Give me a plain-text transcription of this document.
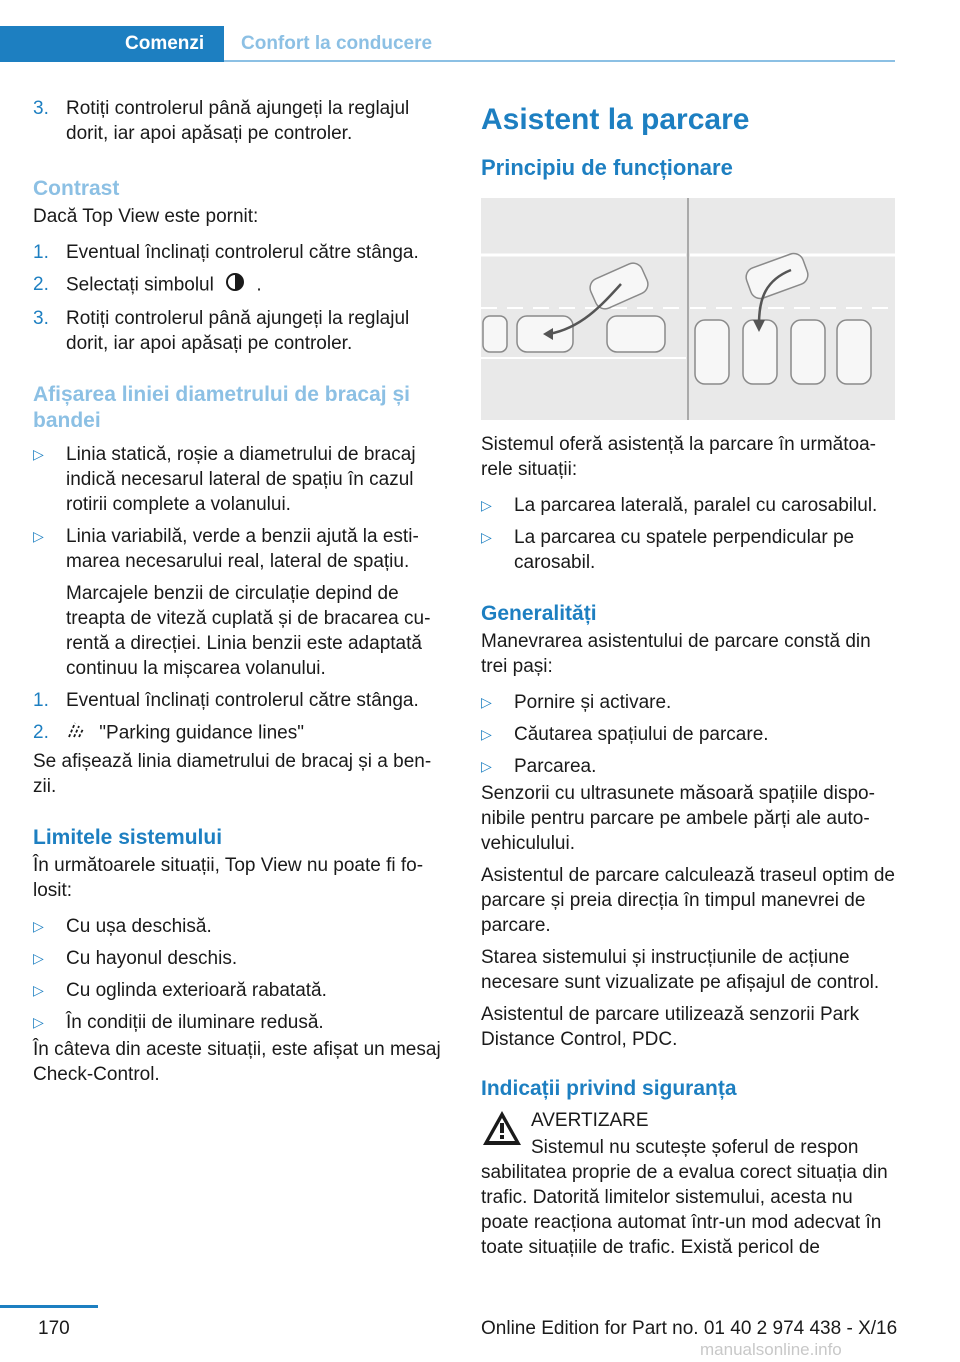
Comenzi	Confort la conducere
3. Rotiți controlerul până ajungeți la reglajul dorit, iar apoi apăsați pe controler.
Contrast

Dacă Top View este pornit:

1. Eventual înclinați controlerul către stânga.
2. Selectați simbolul .
3. Rotiți controlerul până ajungeți la reglajul dorit, iar apoi apăsați pe controler.
Afișarea liniei diametrului de bracaj și bandei
▷	Linia statică, roșie a diametrului de bracaj indică necesarul lateral de spațiu în cazul rotirii complete a volanului.
▷	Linia variabilă, verde a benzii ajută la estimarea necesarului real, lateral de spațiu.

Marcajele benzii de circulație depind de treapta de viteză cuplată și de bracarea curentă a direcției. Linia benzii este adaptată continuu la mișcarea volanului.

1. Eventual înclinați controlerul către stânga.
2.	"Parking guidance lines"

Se afișează linia diametrului de bracaj și a benzii.

Limitele sistemului

În următoarele situații, Top View nu poate fi folosit:

▷	Cu ușa deschisă.
▷	Cu hayonul deschis.
▷	Cu oglinda exterioară rabatată.
▷	În condiții de iluminare redusă.

În câteva din aceste situații, este afișat un mesaj Check-Control.

Asistent la parcare
Principiu de funcționare

Sistemul oferă asistență la parcare în următoarele situații:

▷	La parcarea laterală, paralel cu carosabilul.
▷	La parcarea cu spatele perpendicular pe carosabil.
Generalități

Manevrarea asistentului de parcare constă din trei pași:

▷	Pornire și activare.
▷	Căutarea spațiului de parcare.
▷	Parcarea.

Senzorii cu ultrasunete măsoară spațiile disponibile pentru parcare pe ambele părți ale autovehiculului.

Asistentul de parcare calculează traseul optim de parcare și preia direcția în timpul manevrei de parcare.

Starea sistemului și instrucțiunile de acțiune necesare sunt vizualizate pe afișajul de control.

Asistentul de parcare utilizează senzorii Park Distance Control, PDC.

Indicații privind siguranța

AVERTIZARE

Sistemul nu scutește șoferul de respon

sabilitatea proprie de a evalua corect situația din trafic. Datorită limitelor sistemului, acesta nu poate reacționa automat într-un mod adecvat în toate situațiile de trafic. Există pericol de

170	Online Edition for Part no. 01 40 2 974 438 - X/16
manualsonline.info
